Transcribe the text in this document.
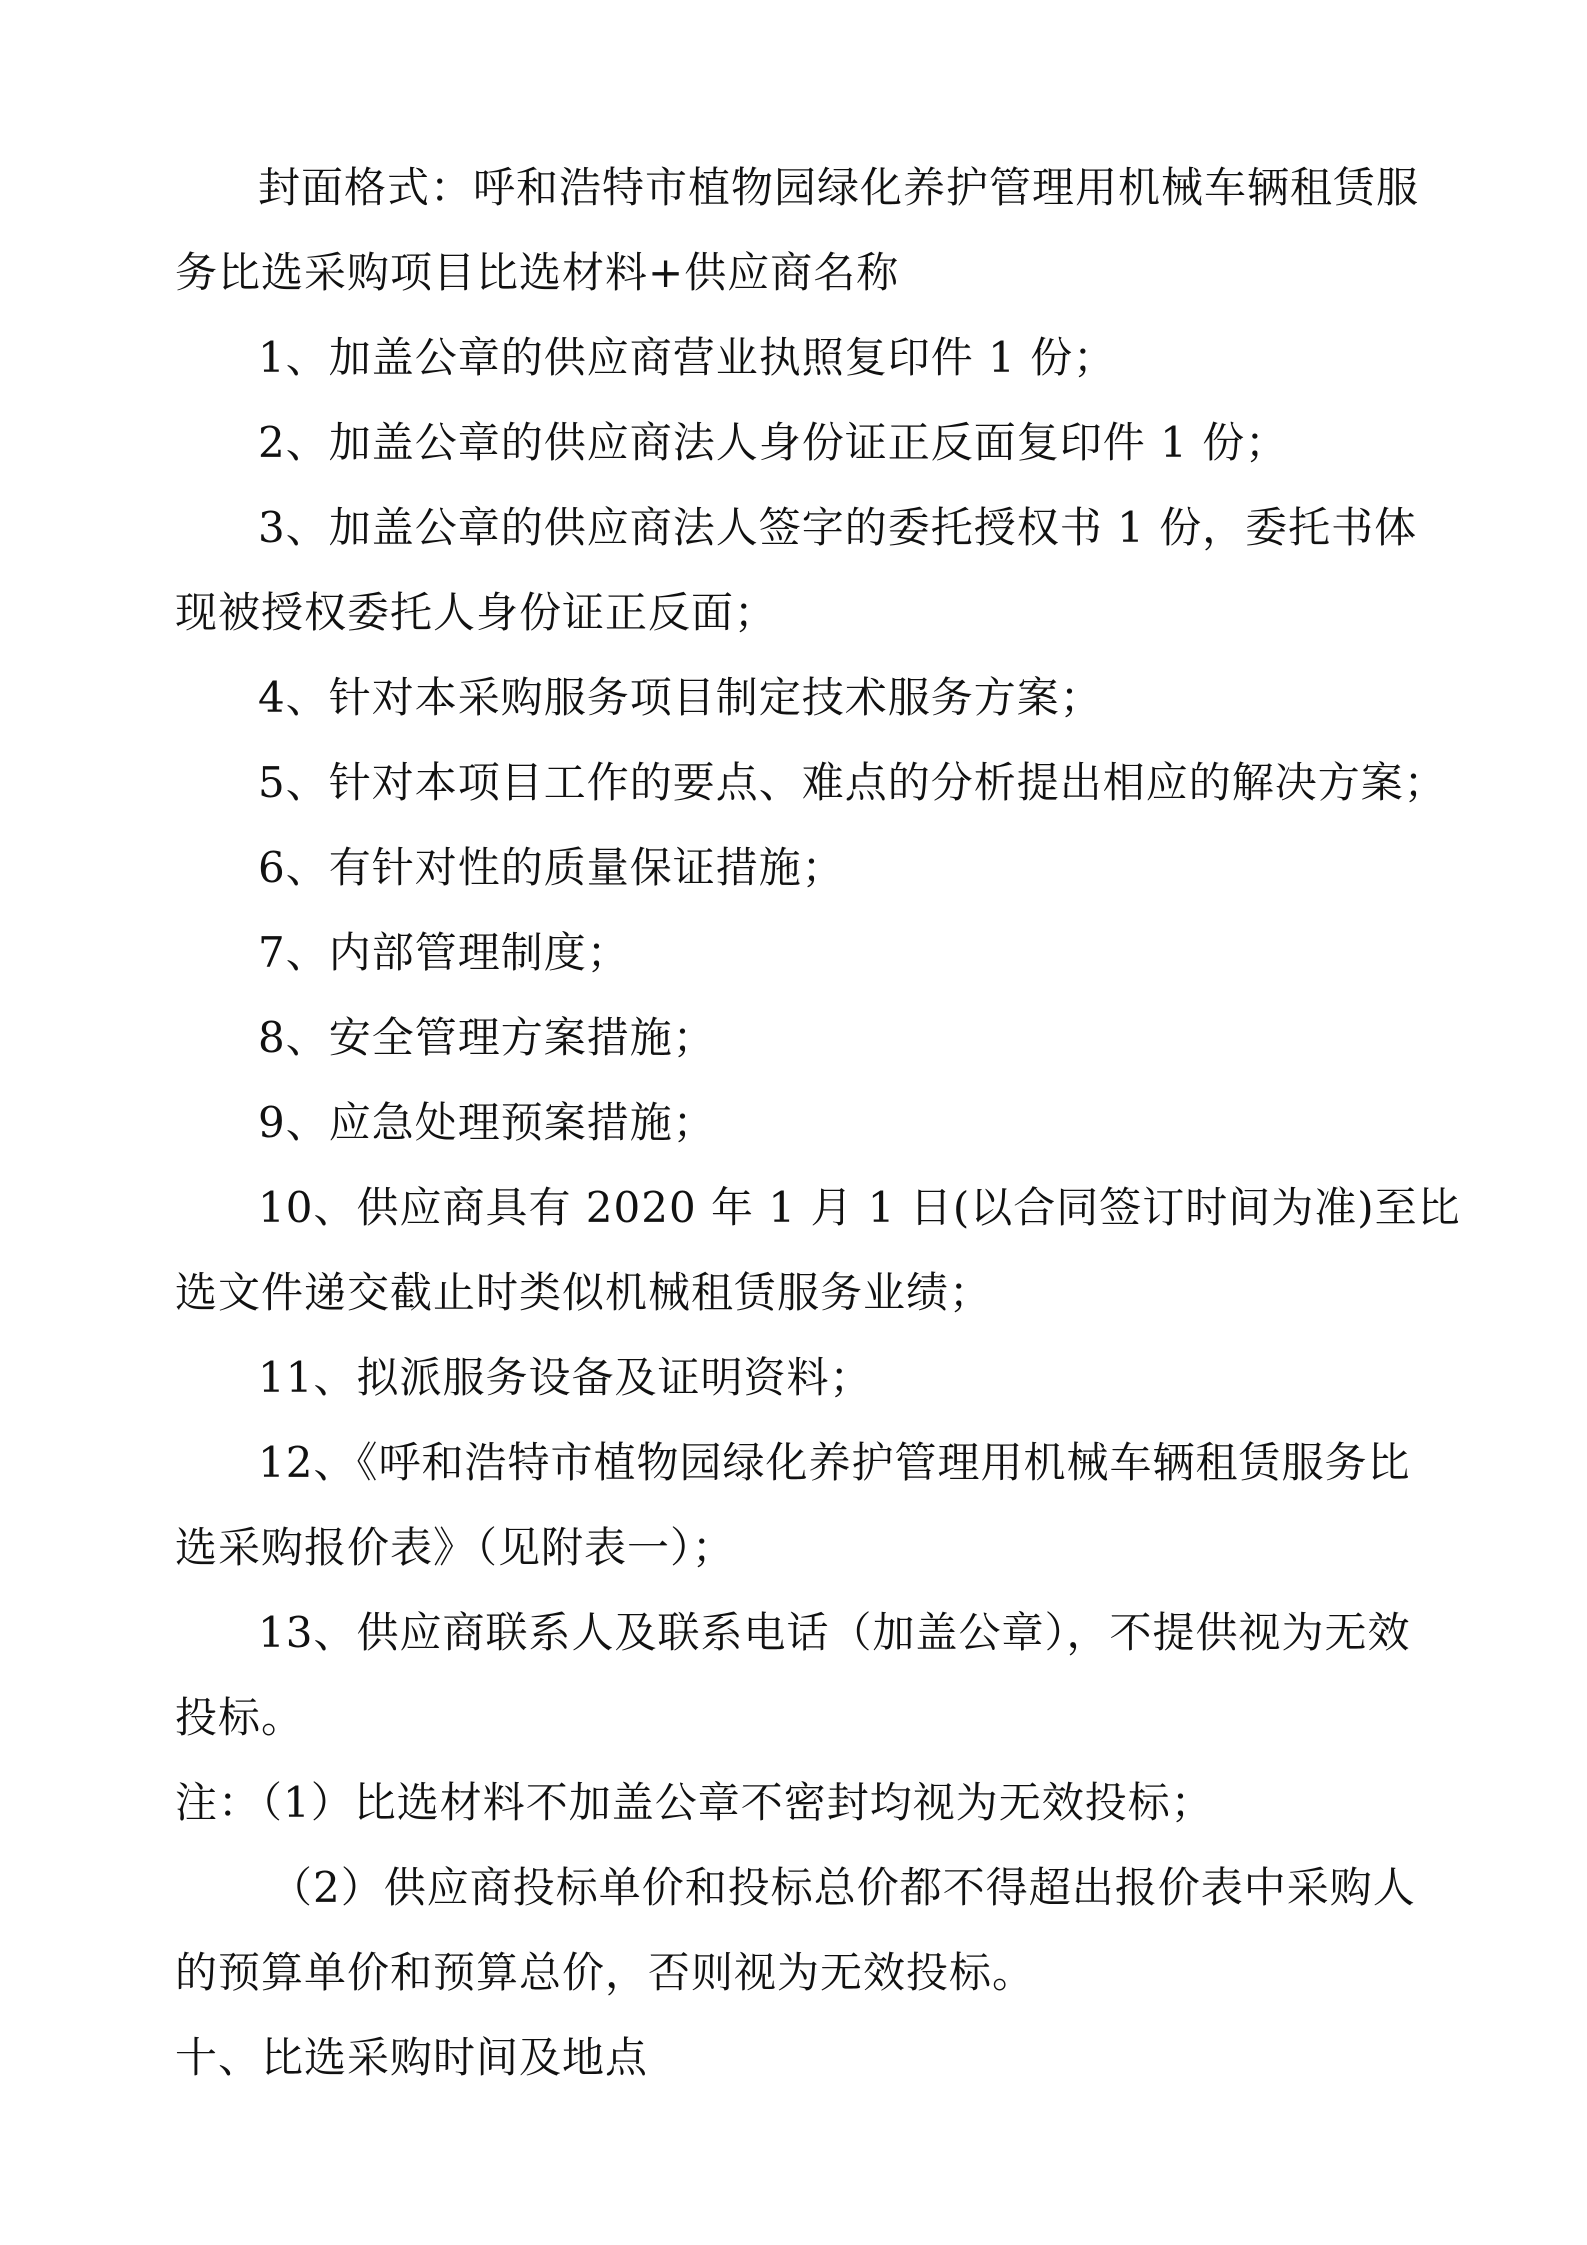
封面格式：呼和浩特市植物园绿化养护管理用机械车辆租赁服
务比选采购项目比选材料+供应商名称
1、加盖公章的供应商营业执照复印件 1 份；
2、加盖公章的供应商法人身份证正反面复印件 1 份；
3、加盖公章的供应商法人签字的委托授权书 1 份，委托书体
现被授权委托人身份证正反面；
4、针对本采购服务项目制定技术服务方案；
5、针对本项目工作的要点、难点的分析提出相应的解决方案；
6、有针对性的质量保证措施；
7、内部管理制度；
8、安全管理方案措施；
9、应急处理预案措施；
10、供应商具有 2020 年 1 月 1 日(以合同签订时间为准)至比
选文件递交截止时类似机械租赁服务业绩；
11、拟派服务设备及证明资料；
12、《呼和浩特市植物园绿化养护管理用机械车辆租赁服务比
选采购报价表》（见附表一）；
13、供应商联系人及联系电话（加盖公章），不提供视为无效
投标。
注：（1）比选材料不加盖公章不密封均视为无效投标；
（2）供应商投标单价和投标总价都不得超出报价表中采购人
的预算单价和预算总价，否则视为无效投标。
十、比选采购时间及地点
